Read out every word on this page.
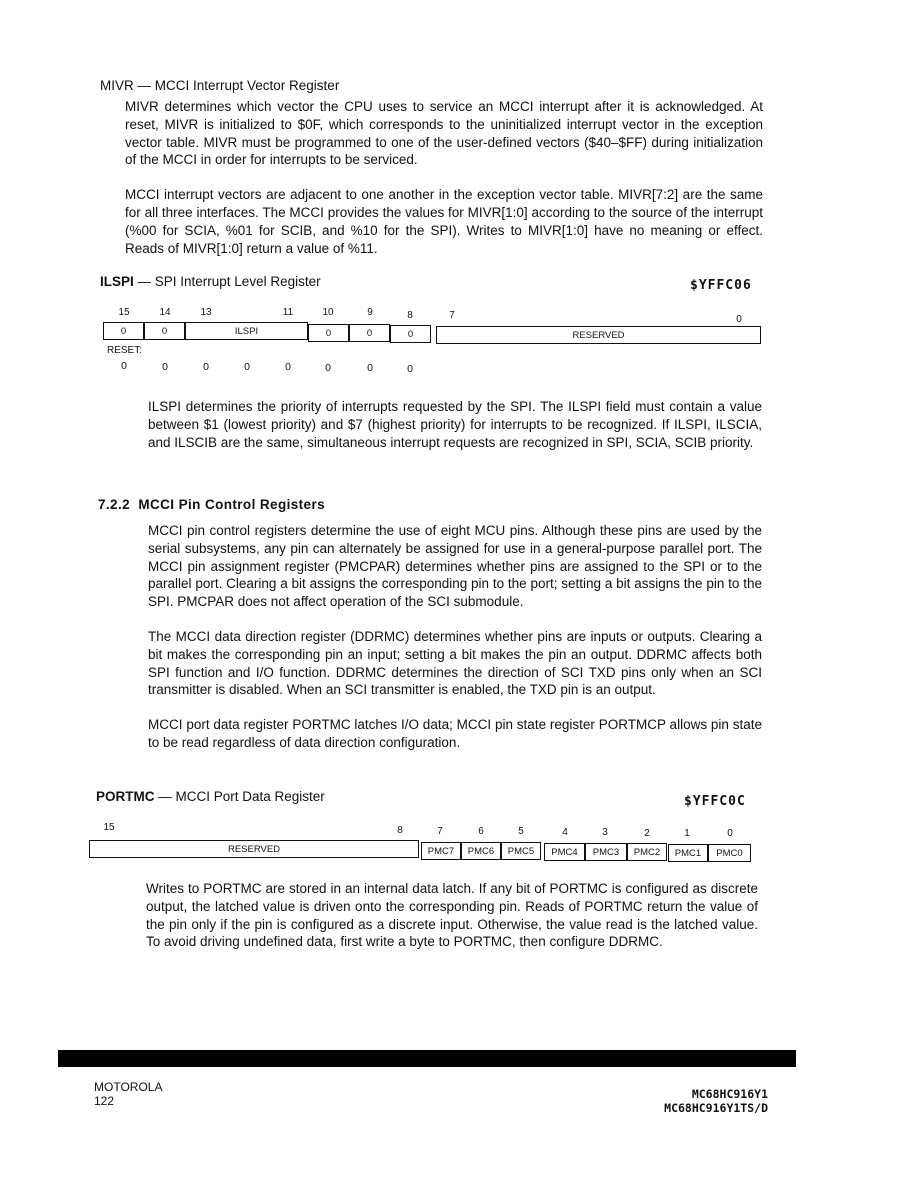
MIVR — MCCI Interrupt Vector Register

MIVR determines which vector the CPU uses to service an MCCI interrupt after it is acknowledged. At reset, MIVR is initialized to $0F, which corresponds to the uninitialized interrupt vector in the exception vector table. MIVR must be programmed to one of the user-defined vectors ($40–$FF) during initialization of the MCCI in order for interrupts to be serviced.

MCCI interrupt vectors are adjacent to one another in the exception vector table. MIVR[7:2] are the same for all three interfaces. The MCCI provides the values for MIVR[1:0] according to the source of the interrupt (%00 for SCIA, %01 for SCIB, and %10 for the SPI). Writes to MIVR[1:0] have no meaning or effect. Reads of MIVR[1:0] return a value of %11.

ILSPI — SPI Interrupt Level Register	$YFFC06
15	14	13	11	10	9	8	7	0
0	0	ILSPI	0	0	0	RESERVED
RESET:
0	0	0	0	0	0	0	0
ILSPI determines the priority of interrupts requested by the SPI. The ILSPI field must contain a value between $1 (lowest priority) and $7 (highest priority) for interrupts to be recognized. If ILSPI, ILSCIA, and ILSCIB are the same, simultaneous interrupt requests are recognized in SPI, SCIA, SCIB priority.
7.2.2 MCCI Pin Control Registers

MCCI pin control registers determine the use of eight MCU pins. Although these pins are used by the serial subsystems, any pin can alternately be assigned for use in a general-purpose parallel port. The MCCI pin assignment register (PMCPAR) determines whether pins are assigned to the SPI or to the parallel port. Clearing a bit assigns the corresponding pin to the port; setting a bit assigns the pin to the SPI. PMCPAR does not affect operation of the SCI submodule.

The MCCI data direction register (DDRMC) determines whether pins are inputs or outputs. Clearing a bit makes the corresponding pin an input; setting a bit makes the pin an output. DDRMC affects both SPI function and I/O function. DDRMC determines the direction of SCI TXD pins only when an SCI transmitter is disabled. When an SCI transmitter is enabled, the TXD pin is an output.

MCCI port data register PORTMC latches I/O data; MCCI pin state register PORTMCP allows pin state to be read regardless of data direction configuration.

PORTMC — MCCI Port Data Register	$YFFC0C
15	8	7	6	5	4	3	2	1	0
RESERVED	PMC7	PMC6	PMC5	PMC4	PMC3	PMC2	PMC1	PMC0
Writes to PORTMC are stored in an internal data latch. If any bit of PORTMC is configured as discrete output, the latched value is driven onto the corresponding pin. Reads of PORTMC return the value of the pin only if the pin is configured as a discrete input. Otherwise, the value read is the latched value. To avoid driving undefined data, first write a byte to PORTMC, then configure DDRMC.
MOTOROLA
122	MC68HC916Y1
MC68HC916Y1TS/D
